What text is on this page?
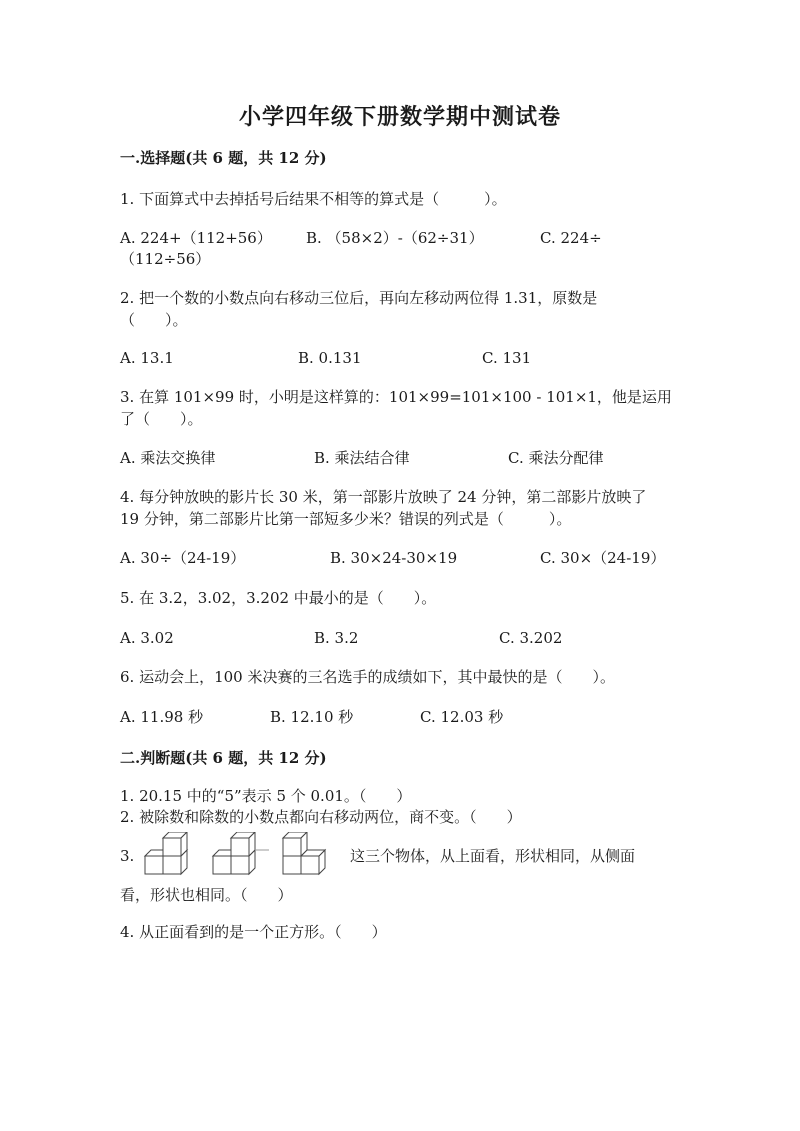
小学四年级下册数学期中测试卷
一.选择题(共 6 题，共 12 分)
1. 下面算式中去掉括号后结果不相等的算式是（　　　）。
A. 224+（112+56） B. （58×2）-（62÷31）	C. 224÷
（112÷56）
2. 把一个数的小数点向右移动三位后，再向左移动两位得 1.31，原数是
（　　）。
A. 13.1	B. 0.131	C. 131
3. 在算 101×99 时，小明是这样算的：101×99=101×100 - 101×1，他是运用
了（　　）。
A. 乘法交换律	B. 乘法结合律	C. 乘法分配律
4. 每分钟放映的影片长 30 米，第一部影片放映了 24 分钟，第二部影片放映了
19 分钟，第二部影片比第一部短多少米？错误的列式是（　　　）。
A. 30÷（24-19）	B. 30×24-30×19	C. 30×（24-19）
5. 在 3.2，3.02，3.202 中最小的是（　　）。
A. 3.02	B. 3.2	C. 3.202
6. 运动会上，100 米决赛的三名选手的成绩如下，其中最快的是（　　）。
A. 11.98 秒	B. 12.10 秒	C. 12.03 秒
二.判断题(共 6 题，共 12 分)
1. 20.15 中的“5”表示 5 个 0.01。（　　）
2. 被除数和除数的小数点都向右移动两位，商不变。（　　）
3.	这三个物体，从上面看，形状相同，从侧面
看，形状也相同。（　　）
4. 从正面看到的是一个正方形。（　　）
